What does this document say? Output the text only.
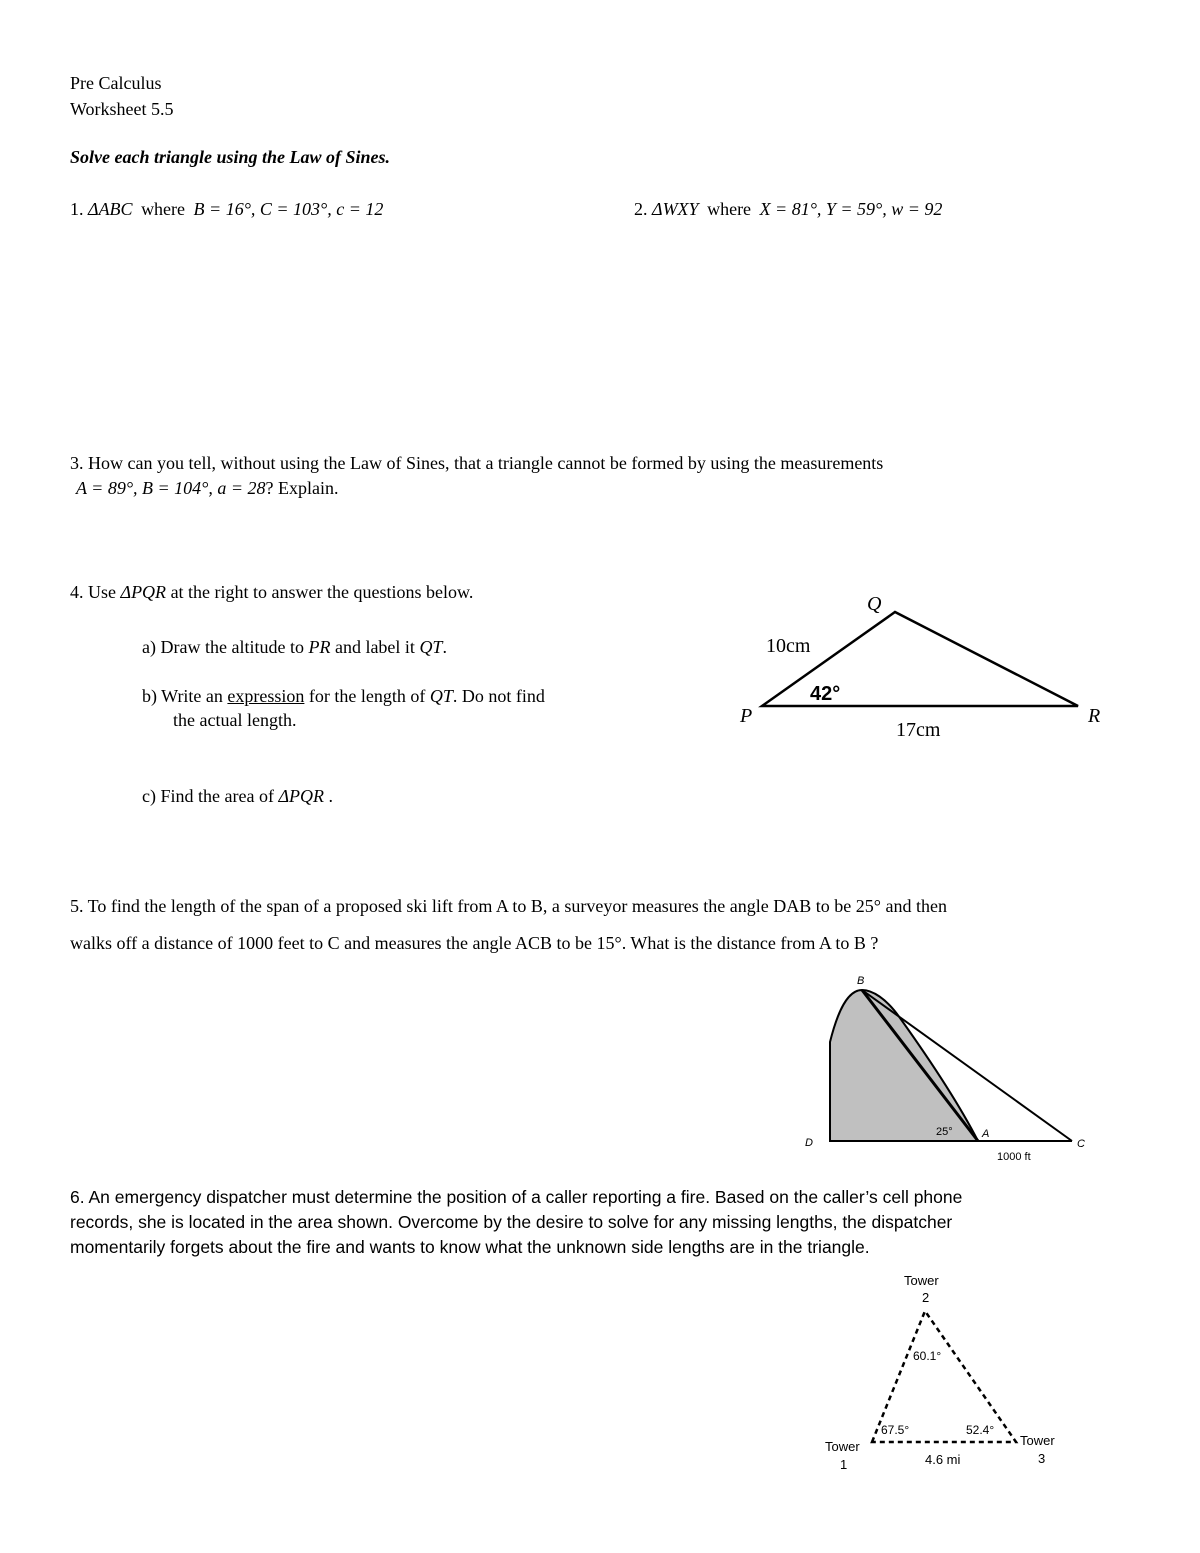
Pre Calculus
Worksheet 5.5
Solve each triangle using the Law of Sines.
1. ΔABC where B = 16°, C = 103°, c = 12	2. ΔWXY where X = 81°, Y = 59°, w = 92
3. How can you tell, without using the Law of Sines, that a triangle cannot be formed by using the measurements
A = 89°, B = 104°, a = 28? Explain.
4. Use ΔPQR at the right to answer the questions below.
a) Draw the altitude to PR and label it QT.
b) Write an expression for the length of QT. Do not find
the actual length.
c) Find the area of ΔPQR .
Q
P	R
10cm
17cm
42°
5. To find the length of the span of a proposed ski lift from A to B, a surveyor measures the angle DAB to be 25° and then
walks off a distance of 1000 feet to C and measures the angle ACB to be 15°. What is the distance from A to B ?
B
D
A
C
25°
1000 ft
6. An emergency dispatcher must determine the position of a caller reporting a fire. Based on the caller’s cell phone
records, she is located in the area shown. Overcome by the desire to solve for any missing lengths, the dispatcher
momentarily forgets about the fire and wants to know what the unknown side lengths are in the triangle.
Tower
2
Tower
1
Tower
3
60.1°
67.5°	52.4°
4.6 mi
